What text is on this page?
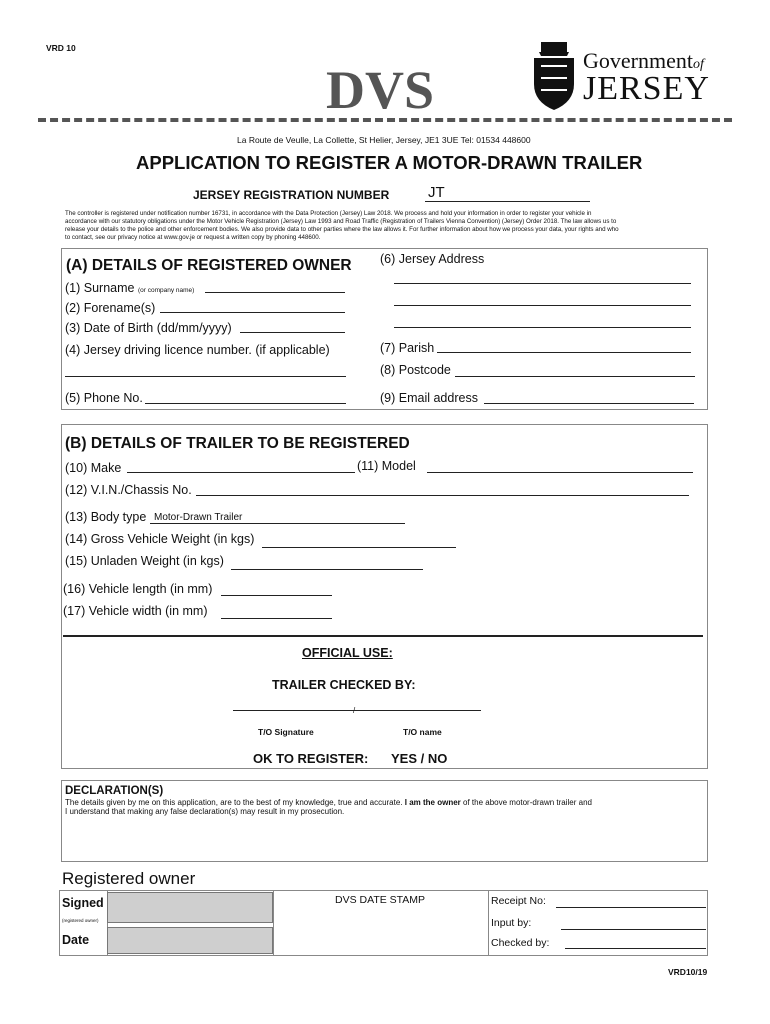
VRD 10
DVS	Governmentof
JERSEY
La Route de Veulle, La Collette, St Helier, Jersey, JE1 3UE Tel: 01534 448600
APPLICATION TO REGISTER A MOTOR-DRAWN TRAILER
JERSEY REGISTRATION NUMBER	JT
The controller is registered under notification number 16731, in accordance with the Data Protection (Jersey) Law 2018. We process and hold your information in order to register your vehicle in
accordance with our statutory obligations under the Motor Vehicle Registration (Jersey) Law 1993 and Road Traffic (Registration of Trailers Vienna Convention) (Jersey) Order 2018. The law allows us to
release your details to the police and other enforcement bodies. We also provide data to other parties where the law allows it. For further information about how we process your data, your rights and who
to contact, see our privacy notice at www.gov.je or request a written copy by phoning 448600.
(A) DETAILS OF REGISTERED OWNER
(1) Surname (or company name)
(2) Forename(s)
(3) Date of Birth (dd/mm/yyyy)
(4) Jersey driving licence number. (if applicable)
(5) Phone No.
(6) Jersey Address
(7) Parish
(8) Postcode
(9) Email address
(B) DETAILS OF TRAILER TO BE REGISTERED
(10) Make	(11) Model
(12) V.I.N./Chassis No.
(13) Body type Motor-Drawn Trailer
(14) Gross Vehicle Weight (in kgs)
(15) Unladen Weight (in kgs)
(16) Vehicle length (in mm)
(17) Vehicle width (in mm)
OFFICIAL USE:
TRAILER CHECKED BY:
/
T/O Signature	T/O name
OK TO REGISTER: YES / NO
DECLARATION(S)
The details given by me on this application, are to the best of my knowledge, true and accurate. I am the owner of the above motor-drawn trailer and
I understand that making any false declaration(s) may result in my prosecution.
Registered owner
Signed
(registered owner)
Date
DVS DATE STAMP	Receipt No:
Input by:
Checked by:
VRD10/19
